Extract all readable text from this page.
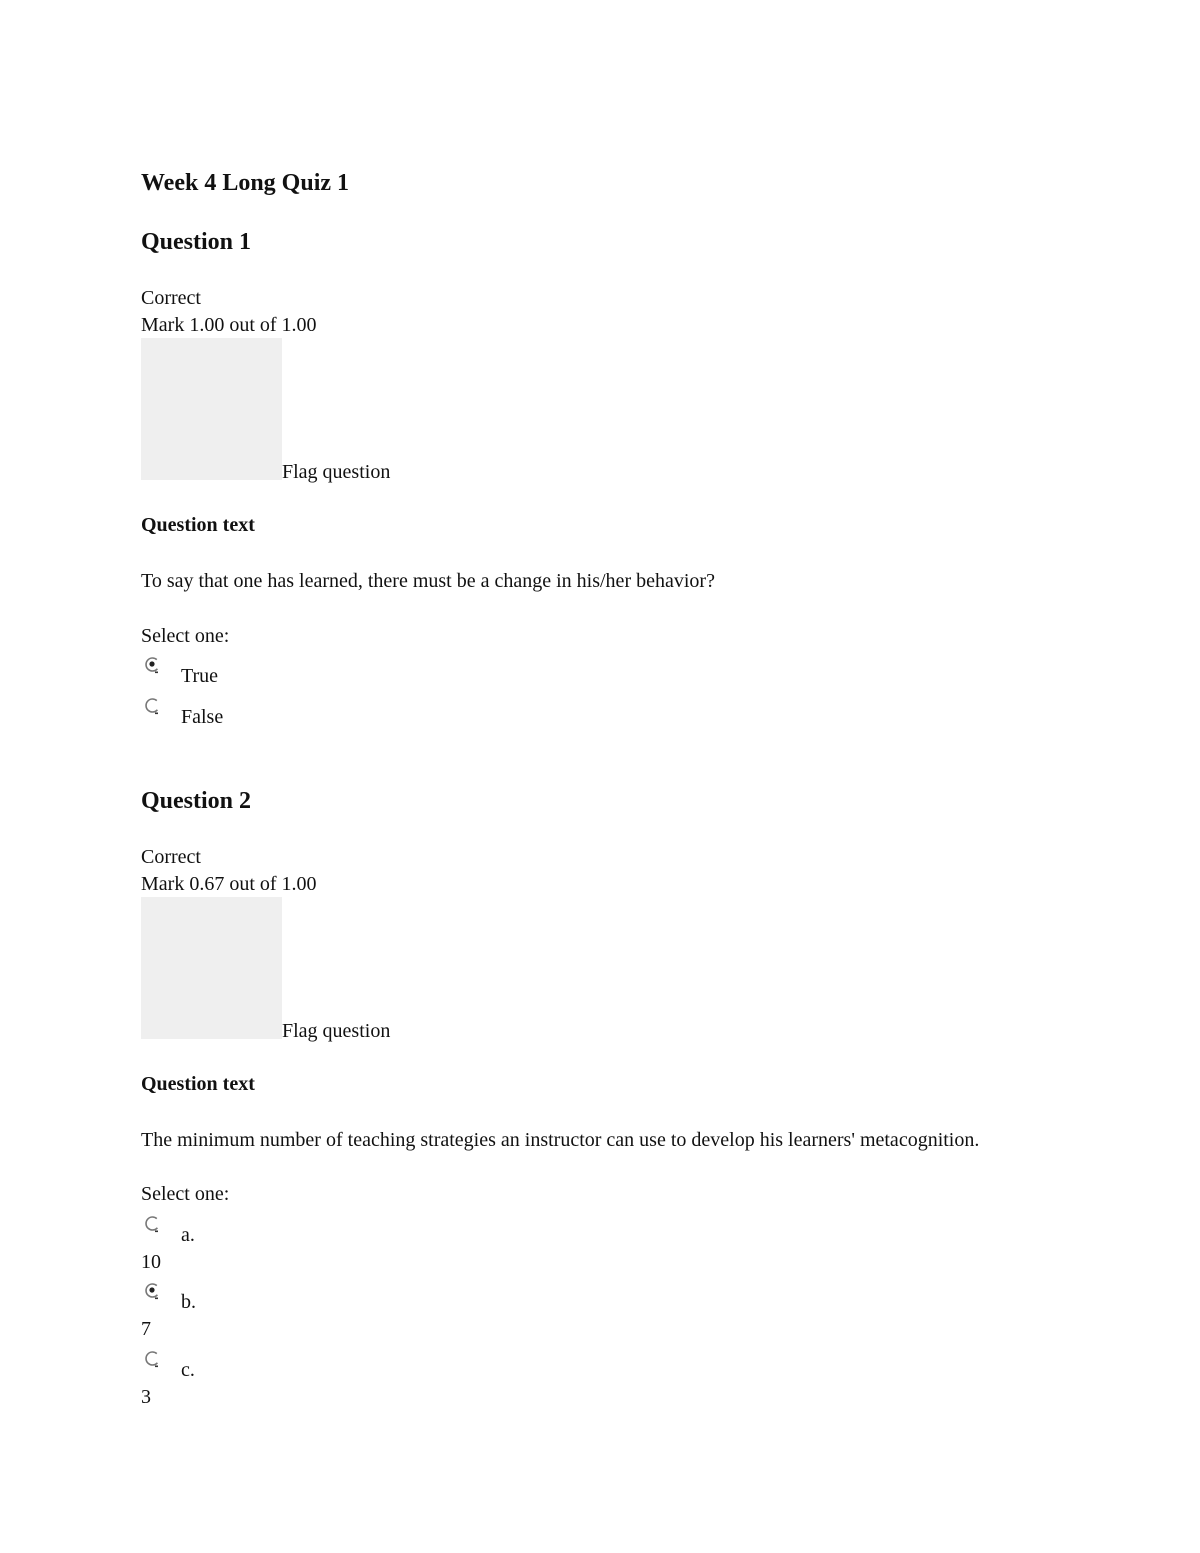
Week 4 Long Quiz 1
Question 1
Correct
Mark 1.00 out of 1.00
Flag question
Question text
To say that one has learned, there must be a change in his/her behavior?
Select one:
True
False
Question 2
Correct
Mark 0.67 out of 1.00
Flag question
Question text
The minimum number of teaching strategies an instructor can use to develop his learners' metacognition.
Select one:
a.
10
b.
7
c.
3
